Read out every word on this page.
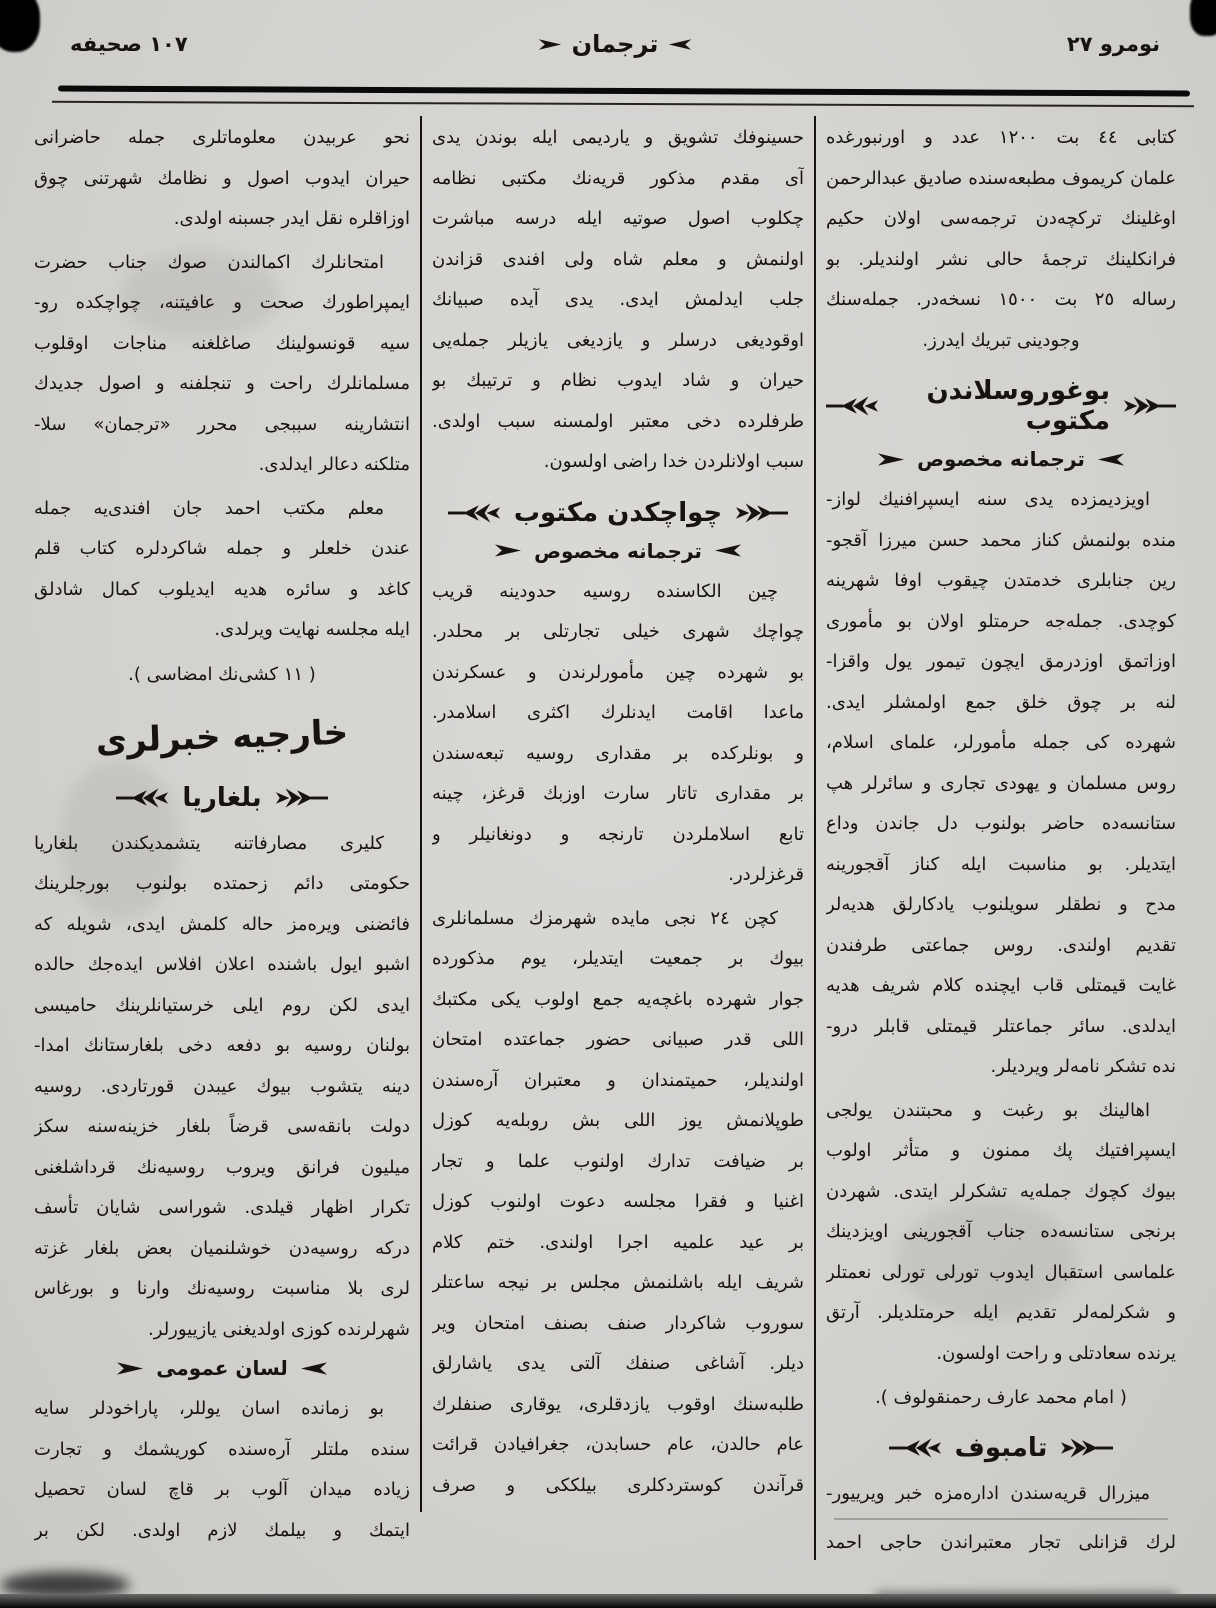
نومرو ٢٧
ترجمان
١٠٧ صحيفه
كتابى ٤٤ بت ١٢٠٠ عدد و اورنبورغده
علمان كريموف مطبعه‌سنده صاديق عبدالرحمن
اوغلينك تركچه‌دن ترجمه‌سى اولان حكيم
فرانكلينك ترجمهٔ حالى نشر اولنديلر. بو
رساله ٢٥ بت ١٥٠٠ نسخه‌در. جمله‌سنك
وجودينى تبريك ايدرز.
بوغوروسلاندن مكتوب
ترجمانه مخصوص
اويزديمزده يدى سنه ايسپرافنيك لواز-
منده بولنمش كناز محمد حسن ميرزا آقجو-
رين جنابلرى خدمتدن چيقوب اوفا شهرينه
كوچدى. جمله‌جه حرمتلو اولان بو مأمورى
اوزاتمق اوزدرمق ايچون تيمور يول واقزا-
لنه بر چوق خلق جمع اولمشلر ايدى.
شهرده كى جمله مأمورلر، علماى اسلام،
روس مسلمان و يهودى تجارى و سائرلر هپ
ستانسه‌ده حاضر بولنوب دل جاندن وداع
ايتديلر. بو مناسبت ايله كناز آقجورينه
مدح و نطقلر سويلنوب يادكارلق هديه‌لر
تقديم اولندى. روس جماعتى طرفندن
غايت قيمتلى قاب ايچنده كلام شريف هديه
ايدلدى. سائر جماعتلر قيمتلى قابلر درو-
نده تشكر نامه‌لر ويرديلر.
اهالينك بو رغبت و محبتندن يولجى
ايسپرافتيك پك ممنون و متأثر اولوب
بيوك كچوك جمله‌يه تشكرلر ايتدى. شهردن
برنجى ستانسه‌ده جناب آقجورينى اويزدينك
علماسى استقبال ايدوب تورلى تورلى نعمتلر
و شكرلمه‌لر تقديم ايله حرمتلديلر. آرتق
يرنده سعادتلى و راحت اولسون.
( امام محمد عارف رحمنقولوف ).
تامبوف
ميزرال قريه‌سندن اداره‌مزه خبر ويرييور-
لرك قزانلى تجار معتبراندن حاجى احمد
حسينوفك تشويق و يارديمى ايله بوندن يدى
آى مقدم مذكور قريه‌نك مكتبى نظامه
چكلوب اصول صوتيه ايله درسه مباشرت
اولنمش و معلم شاه ولى افندى قزاندن
جلب ايدلمش ايدى. يدى آيده صبيانك
اوقوديغى درسلر و يازديغى يازيلر جمله‌يى
حيران و شاد ايدوب نظام و ترتيبك بو
طرفلرده دخى معتبر اولمسنه سبب اولدى.
سبب اولانلردن خدا راضى اولسون.
چواچكدن مكتوب
ترجمانه مخصوص
چين الكاسنده روسيه حدودينه قريب
چواچك شهرى خيلى تجارتلى بر محلدر.
بو شهرده چين مأمورلرندن و عسكرندن
ماعدا اقامت ايدنلرك اكثرى اسلامدر.
و بونلركده بر مقدارى روسيه تبعه‌سندن
بر مقدارى تاتار سارت اوزبك قرغز، چينه
تابع اسلاملردن تارنجه و دونغانيلر و
قرغزلردر.
كچن ٢٤ نجى مايده شهرمزك مسلمانلرى
بيوك بر جمعيت ايتديلر، يوم مذكورده
جوار شهرده باغچه‌يه جمع اولوب يكى مكتبك
اللى قدر صبيانى حضور جماعتده امتحان
اولنديلر، حميتمندان و معتبران آره‌سندن
طوپلانمش يوز اللى بش روبله‌يه كوزل
بر ضيافت تدارك اولنوب علما و تجار
اغنيا و فقرا مجلسه دعوت اولنوب كوزل
بر عيد علميه اجرا اولندى. ختم كلام
شريف ايله باشلنمش مجلس بر نيجه ساعتلر
سوروب شاكردار صنف بصنف امتحان وير
ديلر. آشاغى صنفك آلتى يدى ياشارلق
طلبه‌سنك اوقوب يازدقلرى، يوقارى صنفلرك
عام حالدن، عام حسابدن، جغرافيادن قرائت
قرآندن كوستردكلرى بيلككى و صرف
نحو عربيدن معلوماتلرى جمله حاضرانى
حيران ايدوب اصول و نظامك شهرتنى چوق
اوزاقلره نقل ايدر جسبنه اولدى.
امتحانلرك اكمالندن صوك جناب حضرت
ايمپراطورك صحت و عافيتنه، چواچكده رو-
سيه قونسولينك صاغلغنه مناجات اوقلوب
مسلمانلرك راحت و تنجلفنه و اصول جديدك
انتشارينه سببجى محرر «ترجمان» سلا-
متلكنه دعالر ايدلدى.
معلم مكتب احمد جان افندى‌يه جمله
عندن خلعلر و جمله شاكردلره كتاب قلم
كاغد و سائره هديه ايديلوب كمال شادلق
ايله مجلسه نهايت ويرلدى.
( ١١ كشى‌نك امضاسى ).
خارجيه خبرلرى
بلغاريا
كليرى مصارفاتنه يتشمديكندن بلغاريا
حكومتى دائم زحمتده بولنوب بورجلرينك
فائضنى ويره‌مز حاله كلمش ايدى، شويله كه
اشبو ايول باشنده اعلان افلاس ايده‌جك حالده
ايدى لكن روم ايلى خرستيانلرينك حاميسى
بولنان روسيه بو دفعه دخى بلغارستانك امدا-
دينه يتشوب بيوك عيبدن قورتاردى. روسيه
دولت بانقه‌سى قرضاً بلغار خزينه‌سنه سكز
ميليون فرانق ويروب روسيه‌نك قرداشلغنى
تكرار اظهار قيلدى. شوراسى شايان تأسف
دركه روسيه‌دن خوشلنميان بعض بلغار غزته
لرى بلا مناسبت روسيه‌نك وارنا و بورغاس
شهرلرنده كوزى اولديغنى يازييورلر.
لسان عمومى
بو زمانده اسان يوللر، پاراخودلر سايه
سنده ملتلر آره‌سنده كوريشمك و تجارت
زياده ميدان آلوب بر قاچ لسان تحصيل
ايتمك و بيلمك لازم اولدى. لكن بر
